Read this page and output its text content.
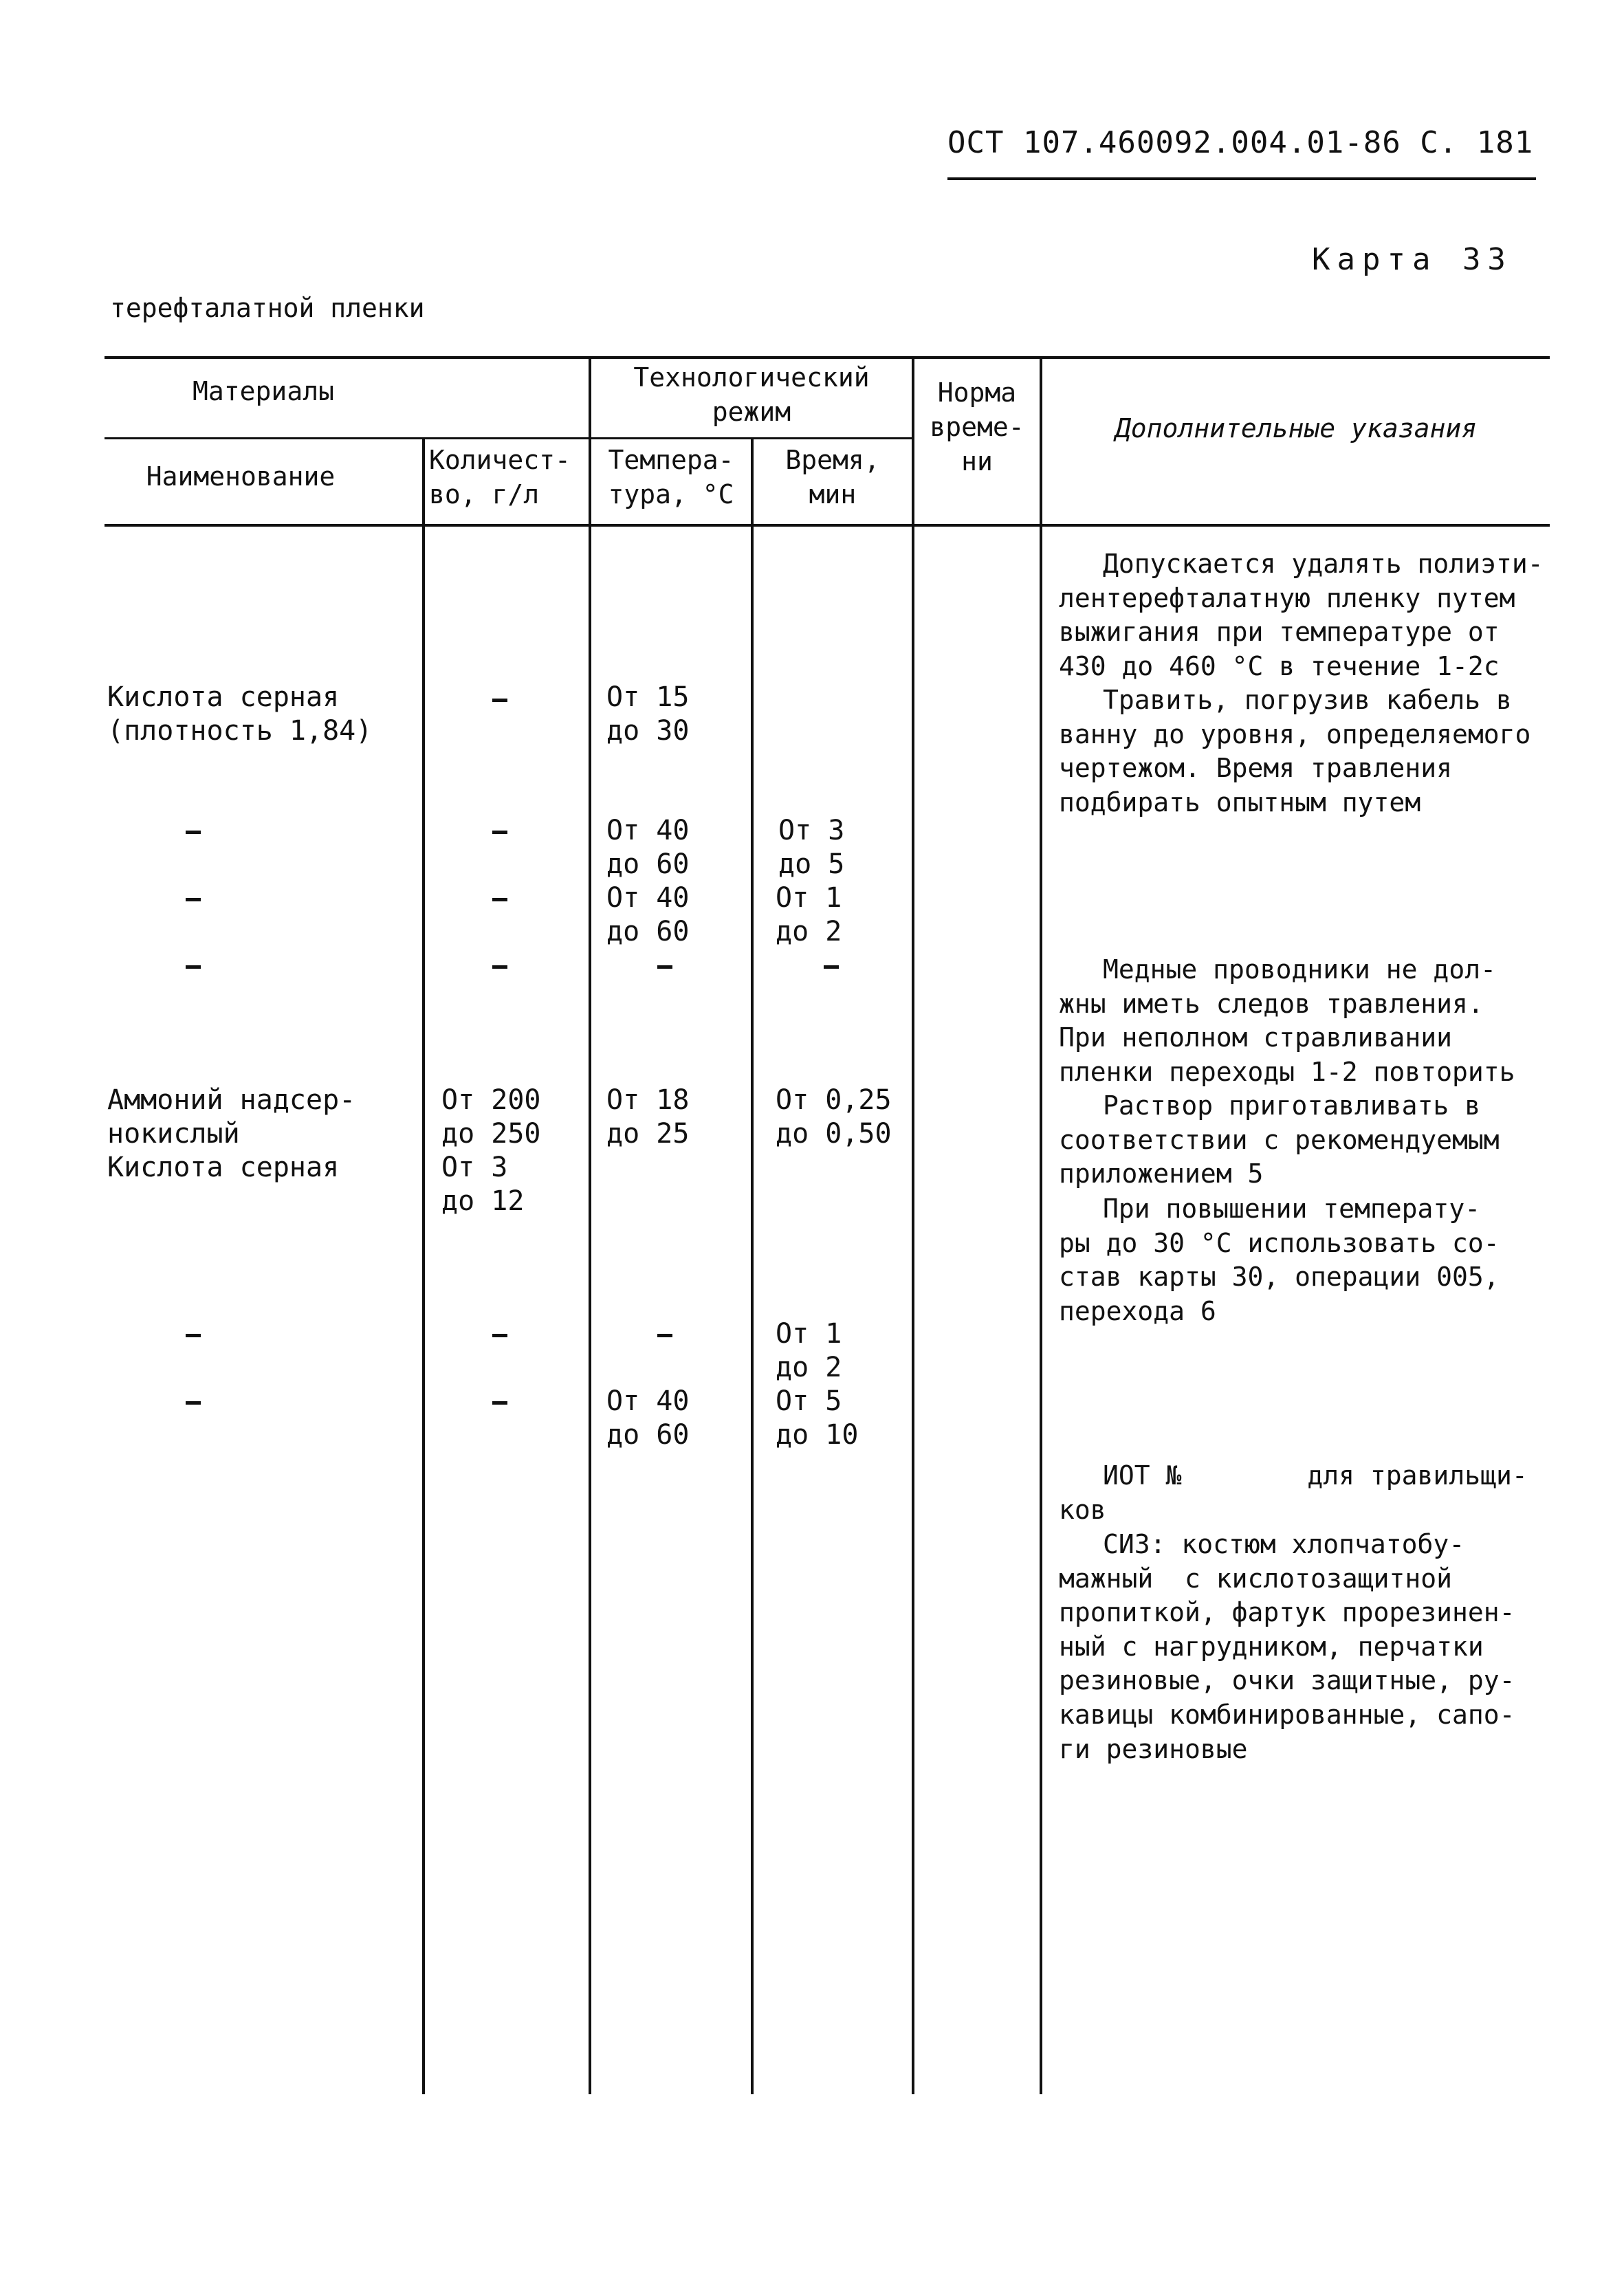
ОСТ 107.460092.004.01-86 С. 181
Карта 33
терефталатной пленки
Материалы	Технологический
режим
Норма
време-
ни
Дополнительные указания
Наименование
Количест-
во, г/л
Темпера-
тура, °С
Время,
мин
Кислота серная
(плотность 1,84)
От 15
до 30
От 40
до 60
От 3
до 5
От 40
до 60
От 1
до 2
Аммоний надсер-
нокислый
Кислота серная
От 200
до 250
От 3
до 12
От 18
до 25
От 0,25
до 0,50
От 1
до 2
От 40
до 60
От 5
до 10

Допускается удалять полиэти-
лентерефталатную пленку путем
выжигания при температуре от
430 до 460 °С в течение 1-2с

Травить, погрузив кабель в
ванну до уровня, определяемого
чертежом. Время травления
подбирать опытным путем

Медные проводники не дол-
жны иметь следов травления.
При неполном стравливании
пленки переходы 1-2 повторить

Раствор приготавливать в
соответствии с рекомендуемым
приложением 5

При повышении температу-
ры до 30 °С использовать со-
став карты 30, операции 005,
перехода 6

ИОТ №        для травильщи-
ков

СИЗ: костюм хлопчатобу-
мажный  с кислотозащитной
пропиткой, фартук прорезинен-
ный с нагрудником, перчатки
резиновые, очки защитные, ру-
кавицы комбинированные, сапо-
ги резиновые
